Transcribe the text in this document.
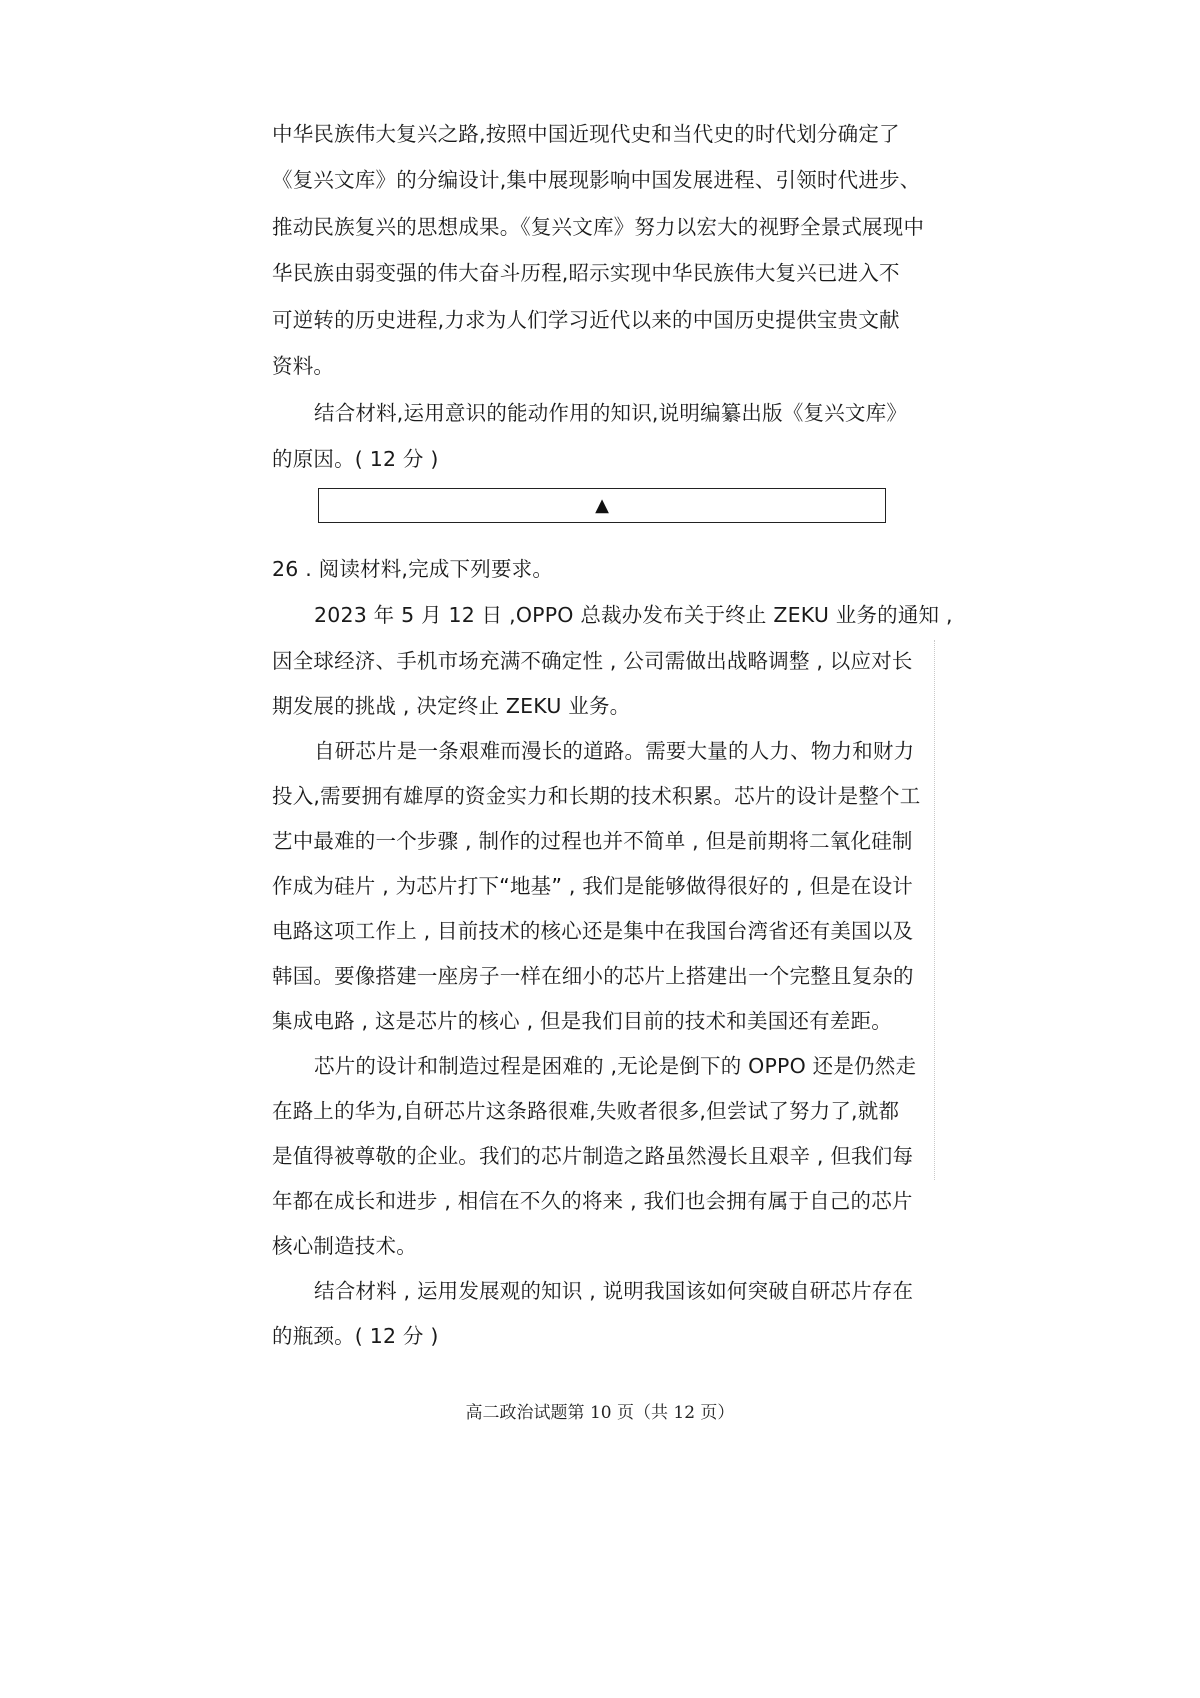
中华民族伟大复兴之路,按照中国近现代史和当代史的时代划分确定了
《复兴文库》的分编设计,集中展现影响中国发展进程、引领时代进步、
推动民族复兴的思想成果。《复兴文库》努力以宏大的视野全景式展现中
华民族由弱变强的伟大奋斗历程,昭示实现中华民族伟大复兴已进入不
可逆转的历史进程,力求为人们学习近代以来的中国历史提供宝贵文献
资料。
结合材料,运用意识的能动作用的知识,说明编纂出版《复兴文库》
的原因。( 12 分 )
▲
26 . 阅读材料,完成下列要求。
2023 年 5 月 12 日 ,OPPO 总裁办发布关于终止 ZEKU 业务的通知 ,
因全球经济、手机市场充满不确定性 , 公司需做出战略调整 , 以应对长
期发展的挑战 , 决定终止 ZEKU 业务。
自研芯片是一条艰难而漫长的道路。需要大量的人力、物力和财力
投入,需要拥有雄厚的资金实力和长期的技术积累。芯片的设计是整个工
艺中最难的一个步骤 , 制作的过程也并不简单 , 但是前期将二氧化硅制
作成为硅片 , 为芯片打下“地基” , 我们是能够做得很好的 , 但是在设计
电路这项工作上 , 目前技术的核心还是集中在我国台湾省还有美国以及
韩国。要像搭建一座房子一样在细小的芯片上搭建出一个完整且复杂的
集成电路 , 这是芯片的核心 , 但是我们目前的技术和美国还有差距。
芯片的设计和制造过程是困难的 ,无论是倒下的 OPPO 还是仍然走
在路上的华为,自研芯片这条路很难,失败者很多,但尝试了努力了,就都
是值得被尊敬的企业。我们的芯片制造之路虽然漫长且艰辛 , 但我们每
年都在成长和进步 , 相信在不久的将来 , 我们也会拥有属于自己的芯片
核心制造技术。
结合材料 , 运用发展观的知识 , 说明我国该如何突破自研芯片存在
的瓶颈。( 12 分 )
高二政治试题第 10 页（共 12 页）
